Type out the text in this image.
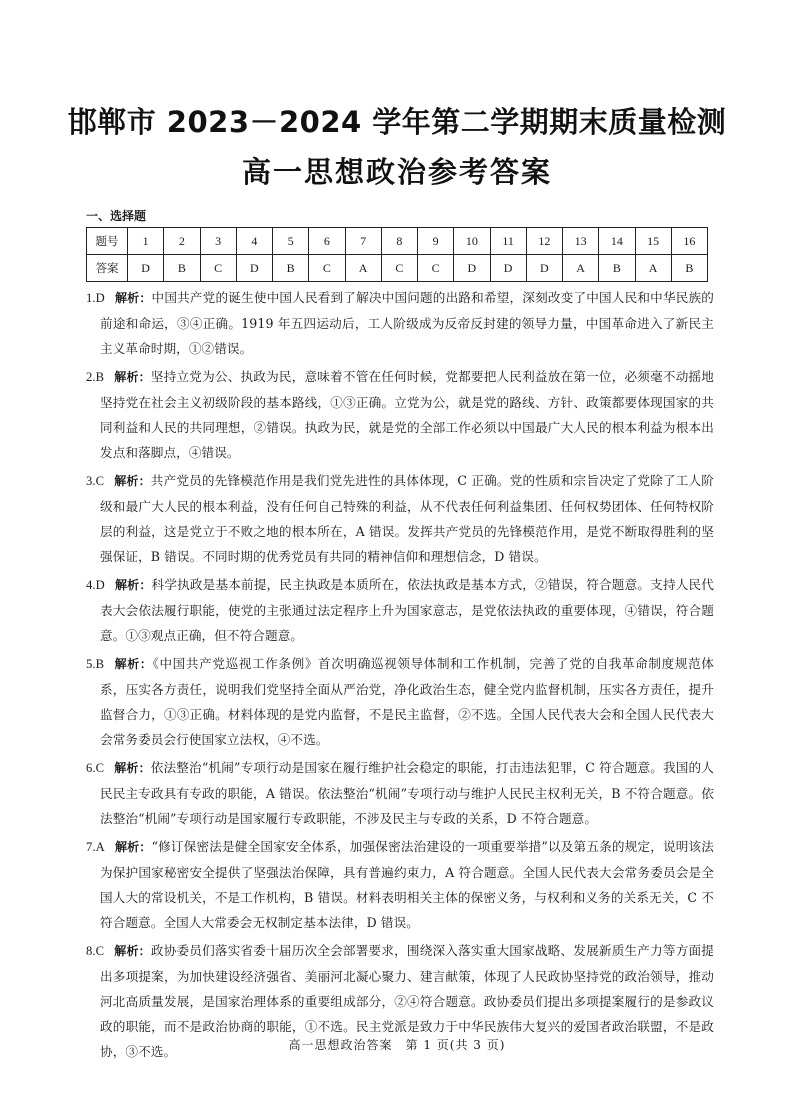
邯郸市 2023－2024 学年第二学期期末质量检测
高一思想政治参考答案
一、选择题
题号	1	2	3	4	5	6	7	8	9	10	11	12	13	14	15	16
答案	D	B	C	D	B	C	A	C	C	D	D	D	A	B	A	B

1.D 解析：中国共产党的诞生使中国人民看到了解决中国问题的出路和希望，深刻改变了中国人民和中华民族的前途和命运，③④正确。1919 年五四运动后，工人阶级成为反帝反封建的领导力量，中国革命进入了新民主主义革命时期，①②错误。

2.B 解析：坚持立党为公、执政为民，意味着不管在任何时候，党都要把人民利益放在第一位，必须毫不动摇地坚持党在社会主义初级阶段的基本路线，①③正确。立党为公，就是党的路线、方针、政策都要体现国家的共同利益和人民的共同理想，②错误。执政为民，就是党的全部工作必须以中国最广大人民的根本利益为根本出发点和落脚点，④错误。

3.C 解析：共产党员的先锋模范作用是我们党先进性的具体体现，C 正确。党的性质和宗旨决定了党除了工人阶级和最广大人民的根本利益，没有任何自己特殊的利益，从不代表任何利益集团、任何权势团体、任何特权阶层的利益，这是党立于不败之地的根本所在，A 错误。发挥共产党员的先锋模范作用，是党不断取得胜利的坚强保证，B 错误。不同时期的优秀党员有共同的精神信仰和理想信念，D 错误。

4.D 解析：科学执政是基本前提，民主执政是本质所在，依法执政是基本方式，②错误，符合题意。支持人民代表大会依法履行职能，使党的主张通过法定程序上升为国家意志，是党依法执政的重要体现，④错误，符合题意。①③观点正确，但不符合题意。

5.B 解析：《中国共产党巡视工作条例》首次明确巡视领导体制和工作机制，完善了党的自我革命制度规范体系，压实各方责任，说明我们党坚持全面从严治党，净化政治生态，健全党内监督机制，压实各方责任，提升监督合力，①③正确。材料体现的是党内监督，不是民主监督，②不选。全国人民代表大会和全国人民代表大会常务委员会行使国家立法权，④不选。

6.C 解析：依法整治“机闹”专项行动是国家在履行维护社会稳定的职能，打击违法犯罪，C 符合题意。我国的人民民主专政具有专政的职能，A 错误。依法整治“机闹”专项行动与维护人民民主权利无关，B 不符合题意。依法整治“机闹”专项行动是国家履行专政职能，不涉及民主与专政的关系，D 不符合题意。

7.A 解析：“修订保密法是健全国家安全体系，加强保密法治建设的一项重要举措”以及第五条的规定，说明该法为保护国家秘密安全提供了坚强法治保障，具有普遍约束力，A 符合题意。全国人民代表大会常务委员会是全国人大的常设机关，不是工作机构，B 错误。材料表明相关主体的保密义务，与权利和义务的关系无关，C 不符合题意。全国人大常委会无权制定基本法律，D 错误。

8.C 解析：政协委员们落实省委十届历次全会部署要求，围绕深入落实重大国家战略、发展新质生产力等方面提出多项提案，为加快建设经济强省、美丽河北凝心聚力、建言献策，体现了人民政协坚持党的政治领导，推动河北高质量发展，是国家治理体系的重要组成部分，②④符合题意。政协委员们提出多项提案履行的是参政议政的职能，而不是政治协商的职能，①不选。民主党派是致力于中华民族伟大复兴的爱国者政治联盟，不是政协，③不选。	高一思想政治答案　第 1 页(共 3 页)
